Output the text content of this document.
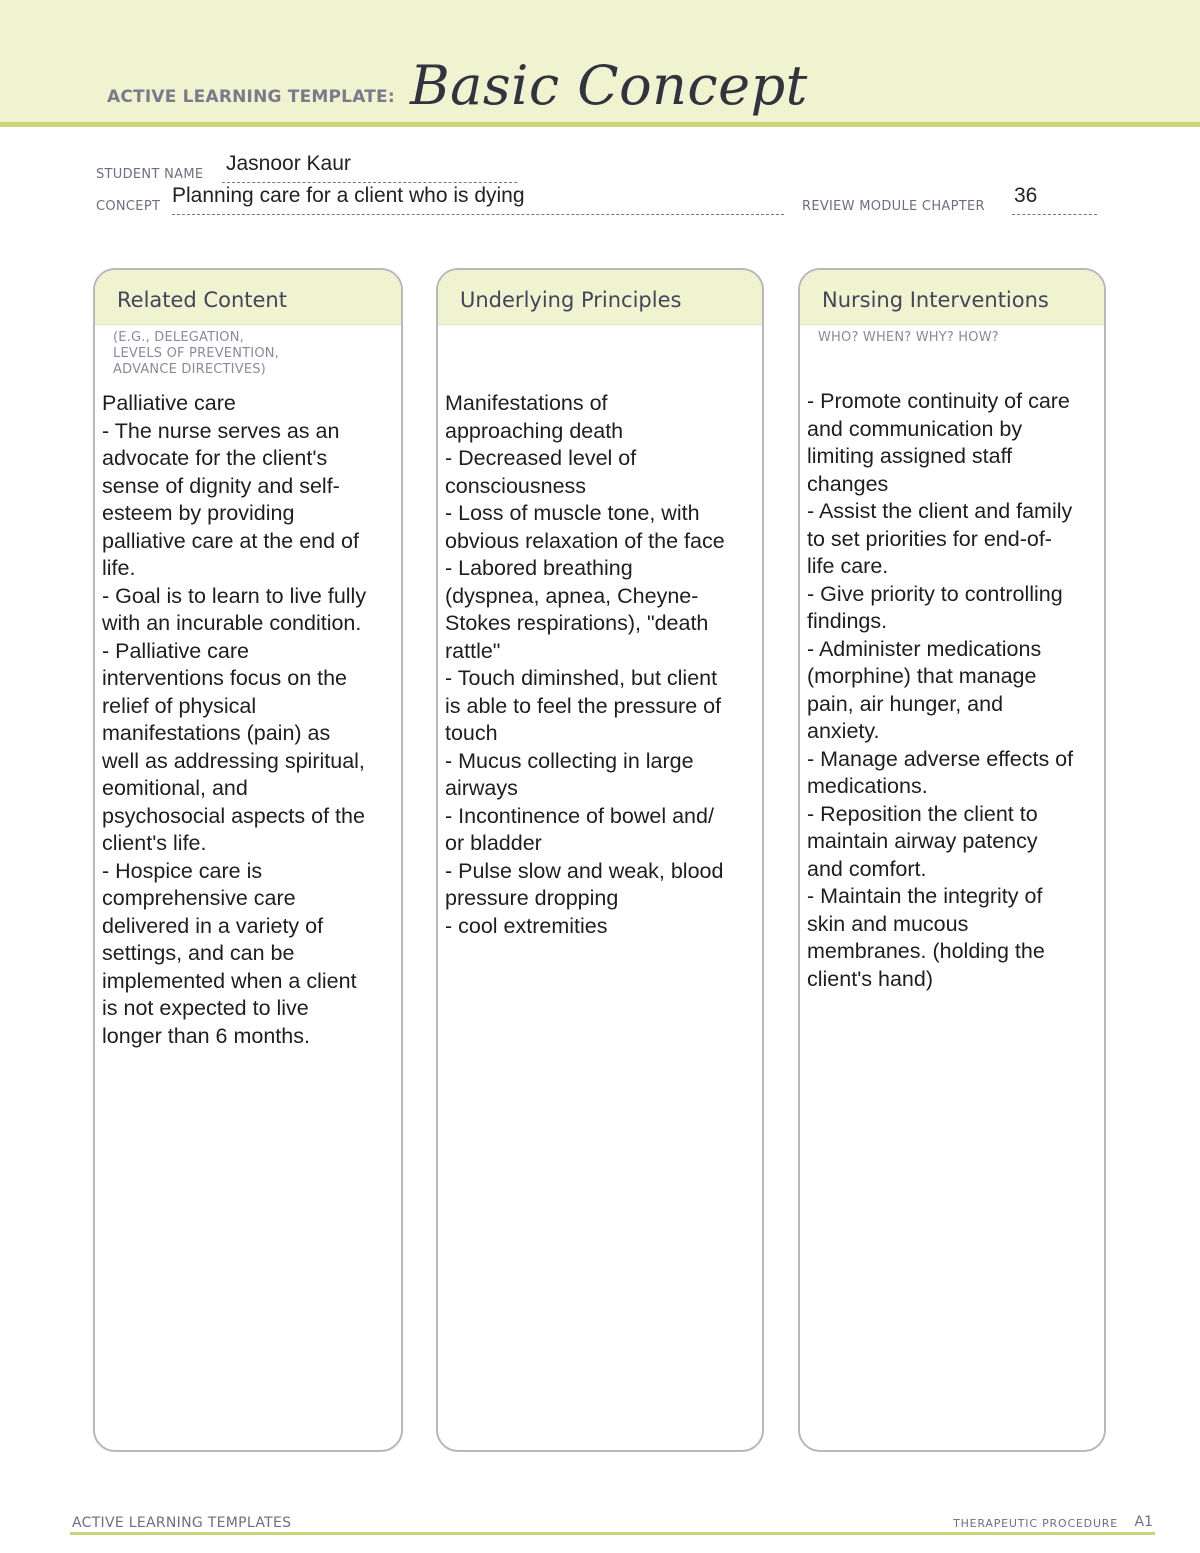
ACTIVE LEARNING TEMPLATE: Basic Concept
STUDENT NAME Jasnoor Kaur
CONCEPT Planning care for a client who is dying	REVIEW MODULE CHAPTER 36
Related Content
(E.G., DELEGATION,
LEVELS OF PREVENTION,
ADVANCE DIRECTIVES)
Palliative care
- The nurse serves as an
advocate for the client's
sense of dignity and self-
esteem by providing
palliative care at the end of
life.
- Goal is to learn to live fully
with an incurable condition.
- Palliative care
interventions focus on the
relief of physical
manifestations (pain) as
well as addressing spiritual,
eomitional, and
psychosocial aspects of the
client's life.
- Hospice care is
comprehensive care
delivered in a variety of
settings, and can be
implemented when a client
is not expected to live
longer than 6 months.
Underlying Principles
Manifestations of
approaching death
- Decreased level of
consciousness
- Loss of muscle tone, with
obvious relaxation of the face
- Labored breathing
(dyspnea, apnea, Cheyne-
Stokes respirations), "death
rattle"
- Touch diminshed, but client
is able to feel the pressure of
touch
- Mucus collecting in large
airways
- Incontinence of bowel and/
or bladder
- Pulse slow and weak, blood
pressure dropping
- cool extremities
Nursing Interventions
WHO? WHEN? WHY? HOW?
- Promote continuity of care
and communication by
limiting assigned staff
changes
- Assist the client and family
to set priorities for end-of-
life care.
- Give priority to controlling
findings.
- Administer medications
(morphine) that manage
pain, air hunger, and
anxiety.
- Manage adverse effects of
medications.
- Reposition the client to
maintain airway patency
and comfort.
- Maintain the integrity of
skin and mucous
membranes. (holding the
client's hand)
ACTIVE LEARNING TEMPLATES	THERAPEUTIC PROCEDURE A1
